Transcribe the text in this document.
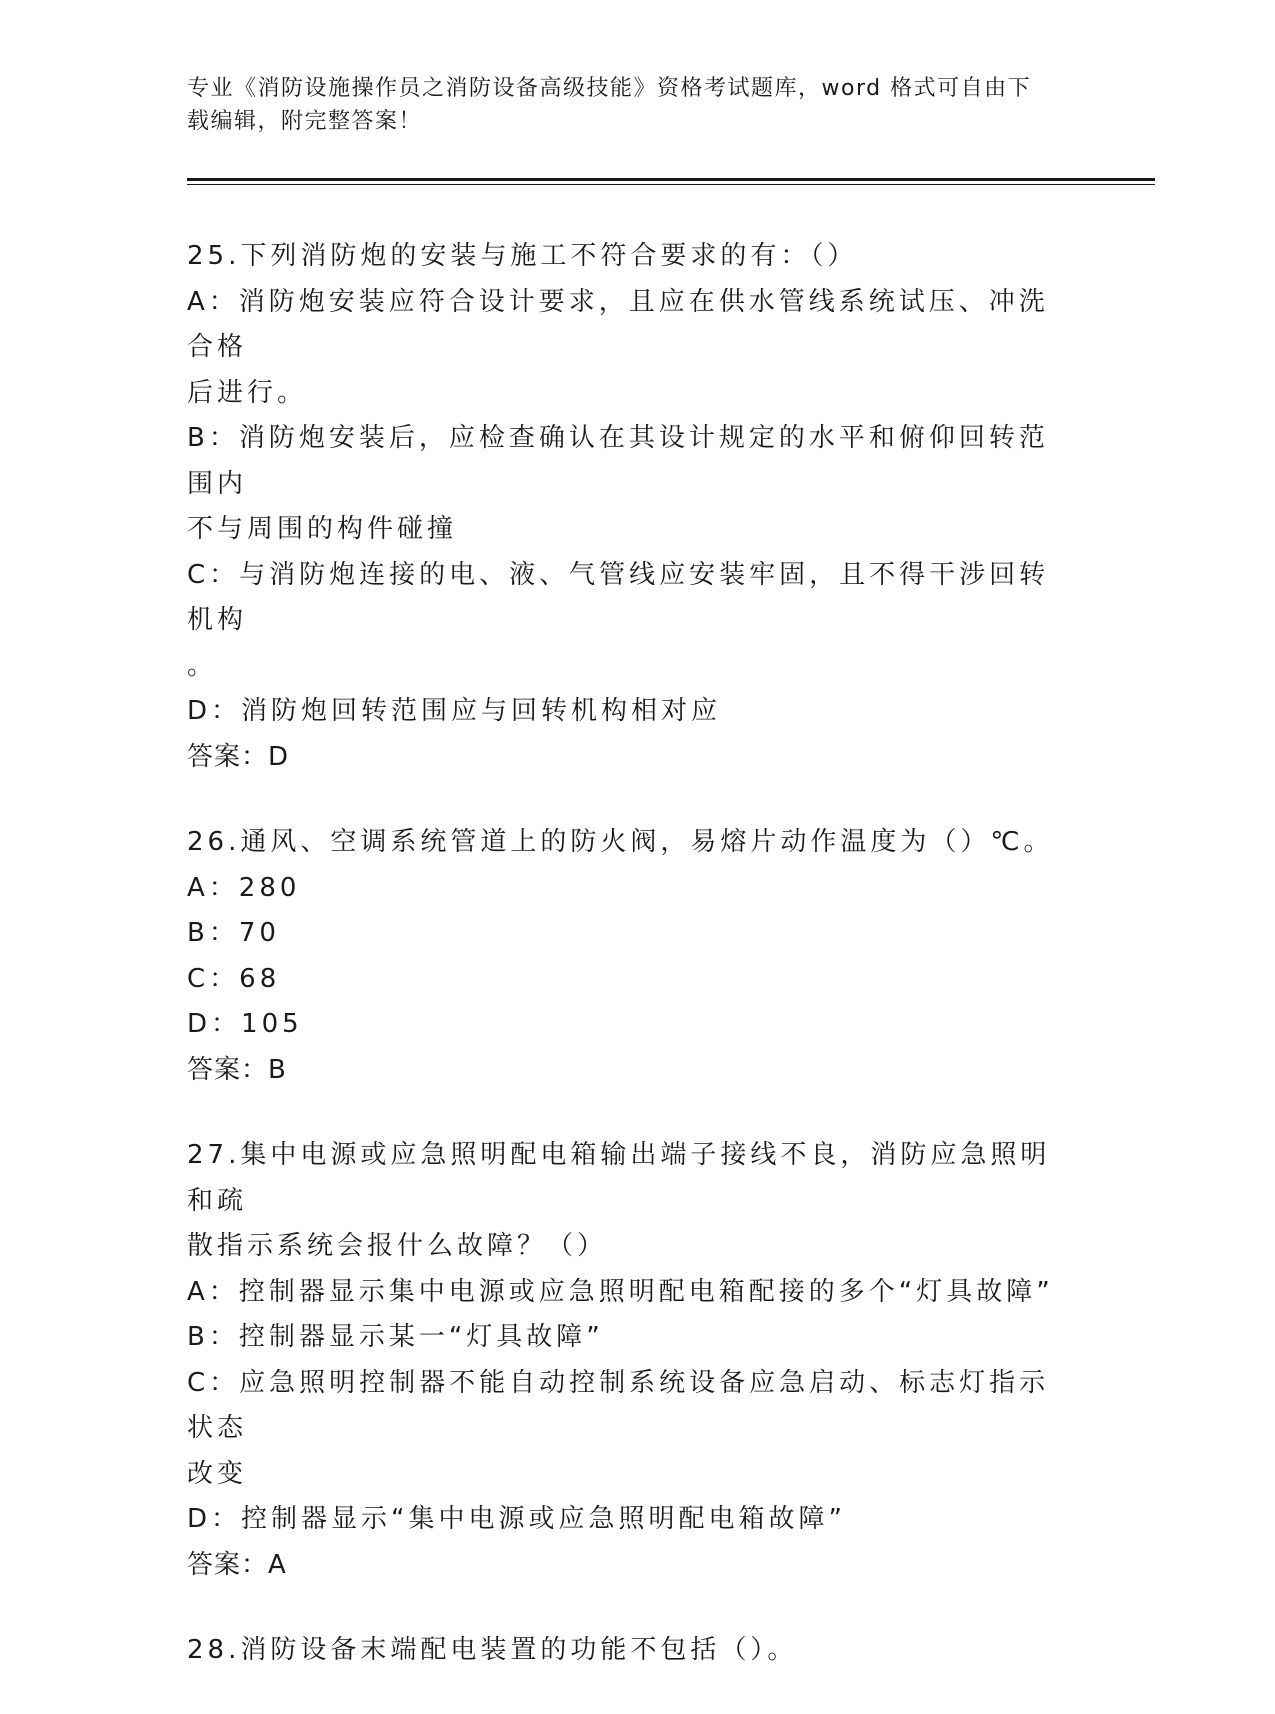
专业《消防设施操作员之消防设备高级技能》资格考试题库，word 格式可自由下
载编辑，附完整答案！
25.下列消防炮的安装与施工不符合要求的有：（）
A：消防炮安装应符合设计要求，且应在供水管线系统试压、冲洗合格
后进行。
B：消防炮安装后，应检查确认在其设计规定的水平和俯仰回转范围内
不与周围的构件碰撞
C：与消防炮连接的电、液、气管线应安装牢固，且不得干涉回转机构
。
D：消防炮回转范围应与回转机构相对应
答案：D
26.通风、空调系统管道上的防火阀，易熔片动作温度为（）℃。
A：280
B：70
C：68
D：105
答案：B
27.集中电源或应急照明配电箱输出端子接线不良，消防应急照明和疏
散指示系统会报什么故障？（）
A：控制器显示集中电源或应急照明配电箱配接的多个“灯具故障”
B：控制器显示某一“灯具故障”
C：应急照明控制器不能自动控制系统设备应急启动、标志灯指示状态
改变
D：控制器显示“集中电源或应急照明配电箱故障”
答案：A
28.消防设备末端配电装置的功能不包括（）。
